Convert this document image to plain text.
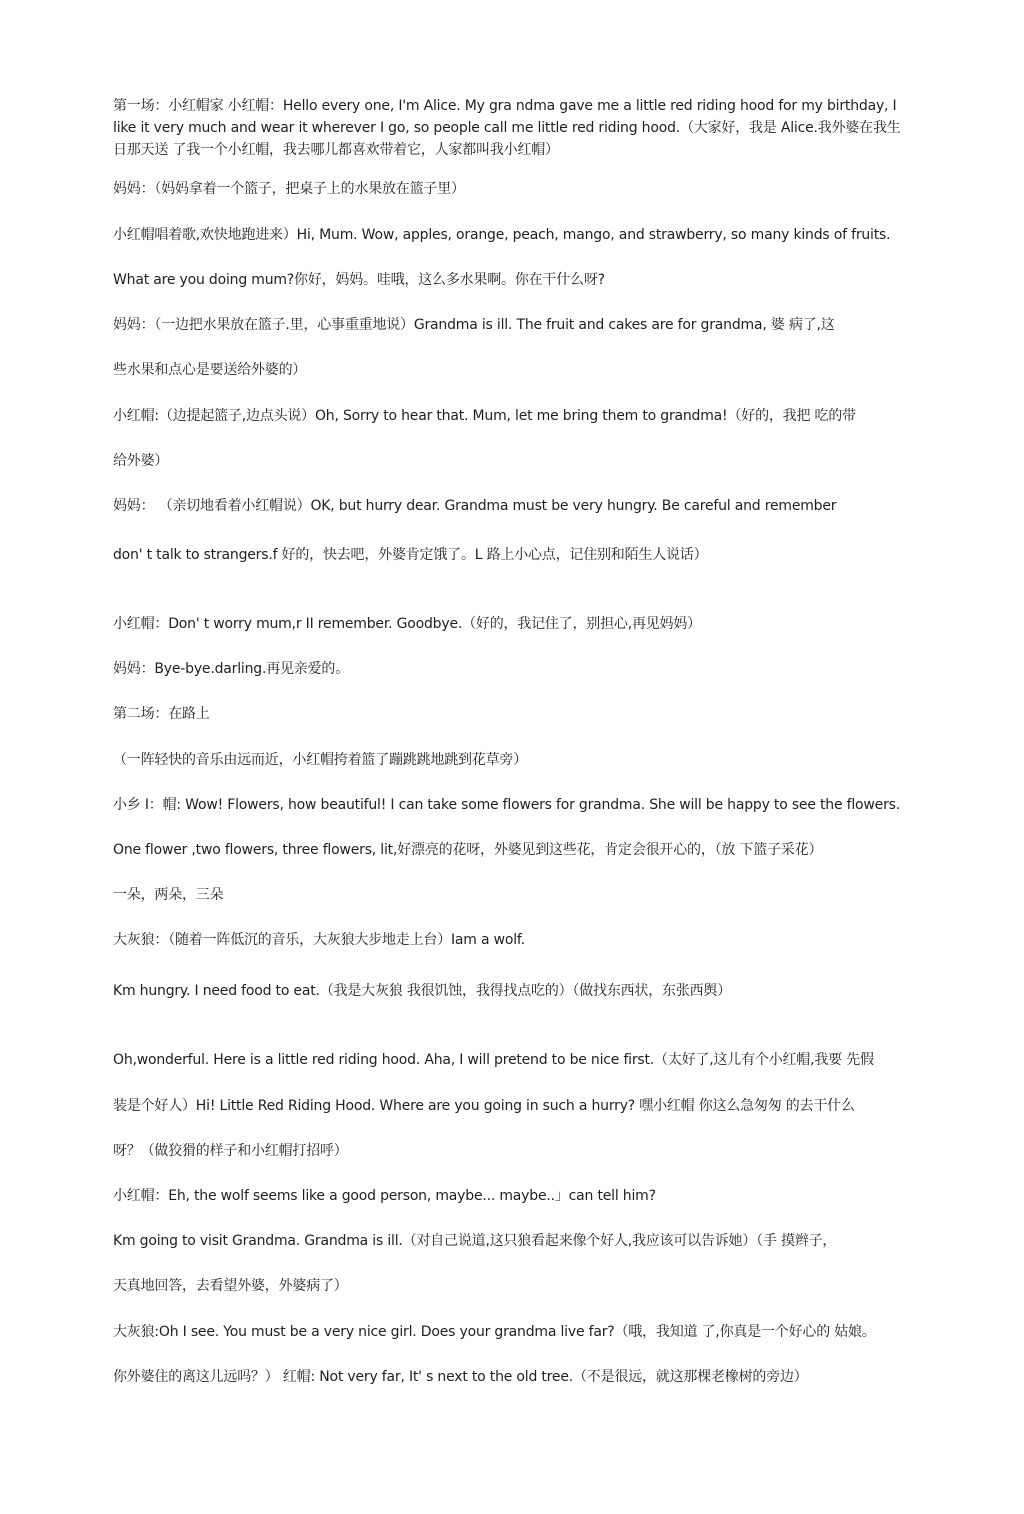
第一场：小红帽家 小红帽：Hello every one, I'm Alice. My gra ndma gave me a little red riding hood for my birthday, I like it very much and wear it wherever I go, so people call me little red riding hood.（大家好，我是 Alice.我外婆在我生日那天送 了我一个小红帽，我去哪儿都喜欢带着它，人家都叫我小红帽）
妈妈：（妈妈拿着一个篮子，把桌子上的水果放在篮子里）
小红帽唱着歌,欢快地跑进来）Hi, Mum. Wow, apples, orange, peach, mango, and strawberry, so many kinds of fruits.
What are you doing mum?你好，妈妈。哇哦，这么多水果啊。你在干什么呀?
妈妈：（一边把水果放在篮子.里，心事重重地说）Grandma is ill. The fruit and cakes are for grandma, 婆 病了,这
些水果和点心是要送给外婆的）
小红帽:（边提起篮子,边点头说）Oh, Sorry to hear that. Mum, let me bring them to grandma!（好的，我把 吃的带
给外婆）
妈妈： （亲切地看着小红帽说）OK, but hurry dear. Grandma must be very hungry. Be careful and remember
don' t talk to strangers.f 好的，快去吧，外婆肯定饿了。L 路上小心点，记住别和陌生人说话）
小红帽：Don' t worry mum,r II remember. Goodbye.（好的，我记住了，别担心,再见妈妈）
妈妈：Bye-bye.darling.再见亲爱的。
第二场：在路上
（一阵轻快的音乐由远而近，小红帽挎着篮了蹦跳跳地跳到花草旁）
小乡 I：帽: Wow! Flowers, how beautiful! I can take some flowers for grandma. She will be happy to see the flowers.
One flower ,two flowers, three flowers, lit,好漂亮的花呀，外婆见到这些花，肯定会很开心的，（放 下篮子采花）
一朵，两朵，三朵
大灰狼：（随着一阵低沉的音乐，大灰狼大步地走上台）Iam a wolf.
Km hungry. I need food to eat.（我是大灰狼 我很饥蚀，我得找点吃的）（做找东西状，东张西舆）
Oh,wonderful. Here is a little red riding hood. Aha, I will pretend to be nice first.（太好了,这儿有个小红帽,我要 先假
装是个好人）Hi! Little Red Riding Hood. Where are you going in such a hurry? 嘿小红帽 你这么急匆匆 的去干什么
呀？（做狡猾的样子和小红帽打招呼）
小红帽：Eh, the wolf seems like a good person, maybe... maybe..」can tell him?
Km going to visit Grandma. Grandma is ill.（对自己说道,这只狼看起来像个好人,我应该可以告诉她）（手 摸辫子，
天真地回答，去看望外婆，外婆病了）
大灰狼:Oh I see. You must be a very nice girl. Does your grandma live far?（哦，我知道 了,你真是一个好心的 姑娘。
你外婆住的离这儿远吗？） 红帽: Not very far, It' s next to the old tree.（不是很远，就这那棵老橡树的旁边）
